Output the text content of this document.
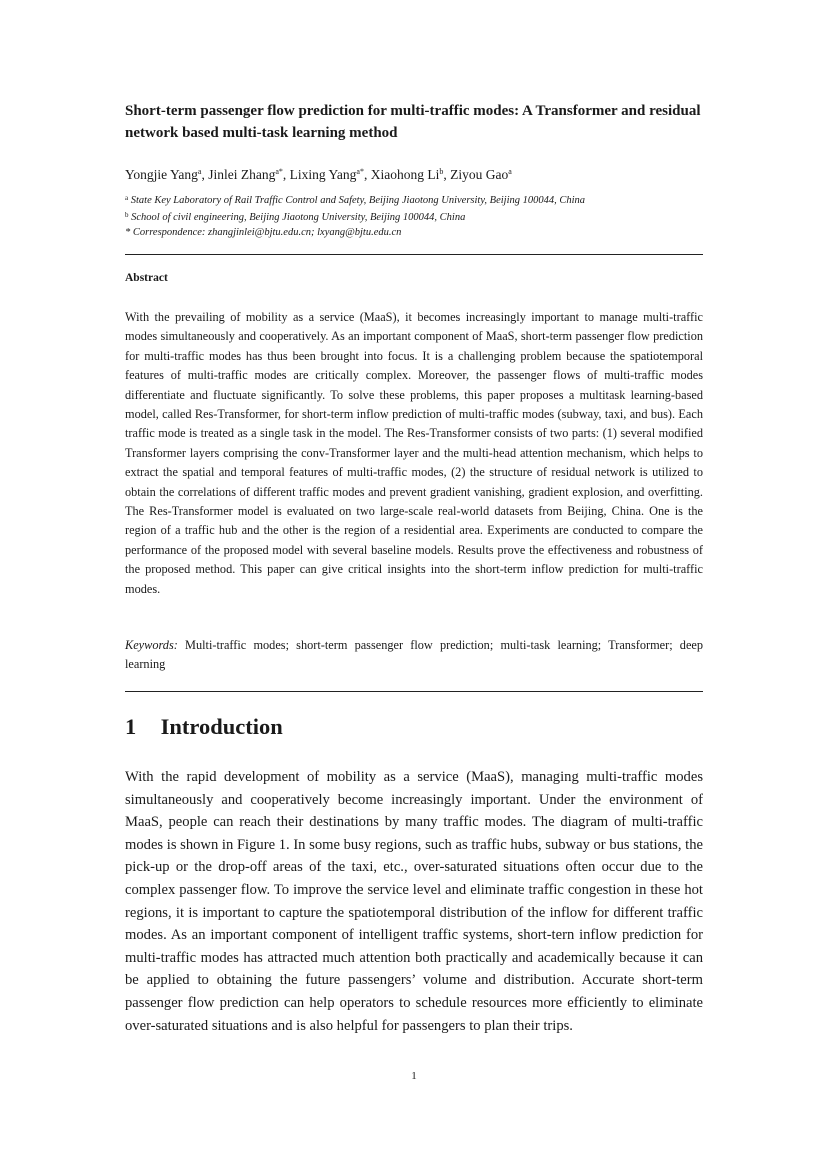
Short-term passenger flow prediction for multi-traffic modes: A Transformer and residual network based multi-task learning method
Yongjie Yang$^a$, Jinlei Zhang$^{a*}$, Lixing Yang$^{a*}$, Xiaohong Li$^b$, Ziyou Gao$^a$
$^a$ State Key Laboratory of Rail Traffic Control and Safety, Beijing Jiaotong University, Beijing 100044, China
$^b$ School of civil engineering, Beijing Jiaotong University, Beijing 100044, China
* Correspondence: zhangjinlei@bjtu.edu.cn; lxyang@bjtu.edu.cn
Abstract
With the prevailing of mobility as a service (MaaS), it becomes increasingly important to manage multi-traffic modes simultaneously and cooperatively. As an important component of MaaS, short-term passenger flow prediction for multi-traffic modes has thus been brought into focus. It is a challenging problem because the spatiotemporal features of multi-traffic modes are critically complex. Moreover, the passenger flows of multi-traffic modes differentiate and fluctuate significantly. To solve these problems, this paper proposes a multitask learning-based model, called Res-Transformer, for short-term inflow prediction of multi-traffic modes (subway, taxi, and bus). Each traffic mode is treated as a single task in the model. The Res-Transformer consists of two parts: (1) several modified Transformer layers comprising the conv-Transformer layer and the multi-head attention mechanism, which helps to extract the spatial and temporal features of multi-traffic modes, (2) the structure of residual network is utilized to obtain the correlations of different traffic modes and prevent gradient vanishing, gradient explosion, and overfitting. The Res-Transformer model is evaluated on two large-scale real-world datasets from Beijing, China. One is the region of a traffic hub and the other is the region of a residential area. Experiments are conducted to compare the performance of the proposed model with several baseline models. Results prove the effectiveness and robustness of the proposed method. This paper can give critical insights into the short-term inflow prediction for multi-traffic modes.
Keywords: Multi-traffic modes; short-term passenger flow prediction; multi-task learning; Transformer; deep learning
1 Introduction
With the rapid development of mobility as a service (MaaS), managing multi-traffic modes simultaneously and cooperatively become increasingly important. Under the environment of MaaS, people can reach their destinations by many traffic modes. The diagram of multi-traffic modes is shown in Figure 1. In some busy regions, such as traffic hubs, subway or bus stations, the pick-up or the drop-off areas of the taxi, etc., over-saturated situations often occur due to the complex passenger flow. To improve the service level and eliminate traffic congestion in these hot regions, it is important to capture the spatiotemporal distribution of the inflow for different traffic modes. As an important component of intelligent traffic systems, short-tern inflow prediction for multi-traffic modes has attracted much attention both practically and academically because it can be applied to obtaining the future passengers’ volume and distribution. Accurate short-term passenger flow prediction can help operators to schedule resources more efficiently to eliminate over-saturated situations and is also helpful for passengers to plan their trips.
1
